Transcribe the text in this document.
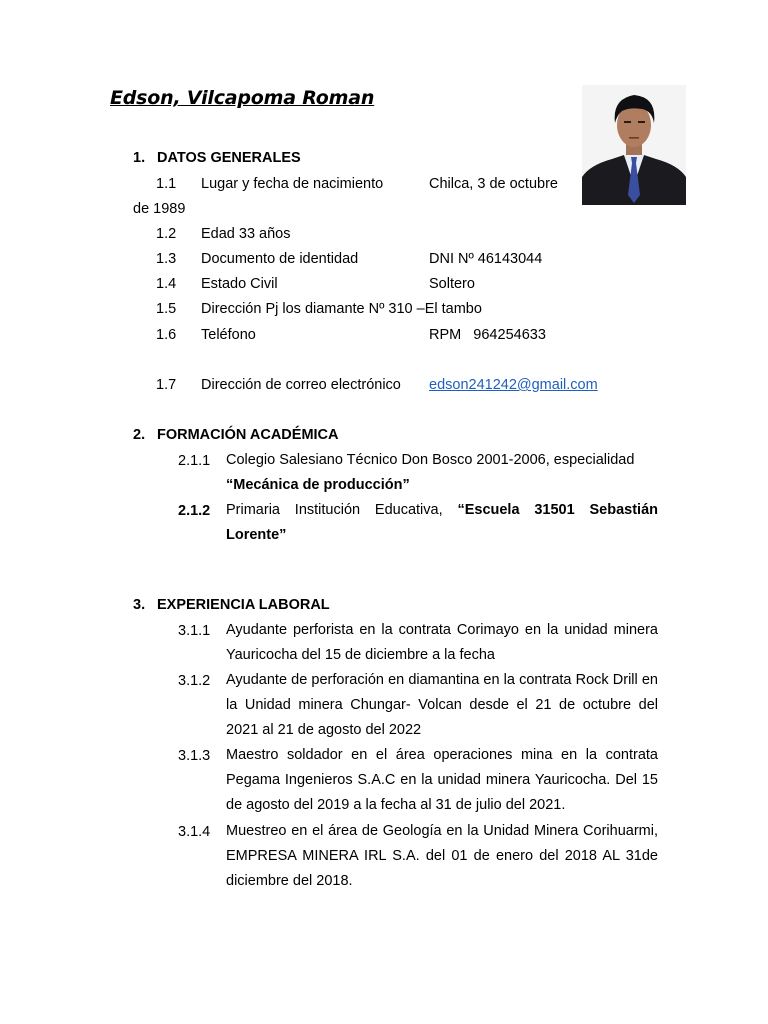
Edson, Vilcapoma Roman
1. DATOS GENERALES
1.1 Lugar y fecha de nacimiento	Chilca, 3 de octubre
de 1989
1.2 Edad 33 años
1.3 Documento de identidad	DNI Nº 46143044
1.4 Estado Civil	Soltero
1.5 Dirección Pj los diamante Nº 310 –El tambo
1.6 Teléfono	RPM   964254633
1.7 Dirección de correo electrónico edson241242@gmail.com
2. FORMACIÓN ACADÉMICA
2.1.1 Colegio Salesiano Técnico Don Bosco 2001-2006, especialidad
“Mecánica de producción”
2.1.2 Primaria Institución Educativa, “Escuela 31501 Sebastián Lorente”
3. EXPERIENCIA LABORAL
3.1.1 Ayudante perforista en la contrata Corimayo en la unidad minera Yauricocha del 15 de diciembre a la fecha
3.1.2 Ayudante de perforación en diamantina en la contrata Rock Drill en la Unidad minera Chungar- Volcan desde el 21 de octubre del 2021 al 21 de agosto del 2022
3.1.3 Maestro soldador en el área operaciones mina en la contrata Pegama Ingenieros S.A.C en la unidad minera Yauricocha. Del 15 de agosto del 2019 a la fecha al 31 de julio del 2021.
3.1.4 Muestreo en el área de Geología en la Unidad Minera Corihuarmi, EMPRESA MINERA IRL S.A. del 01 de enero del 2018 AL 31de diciembre del 2018.
